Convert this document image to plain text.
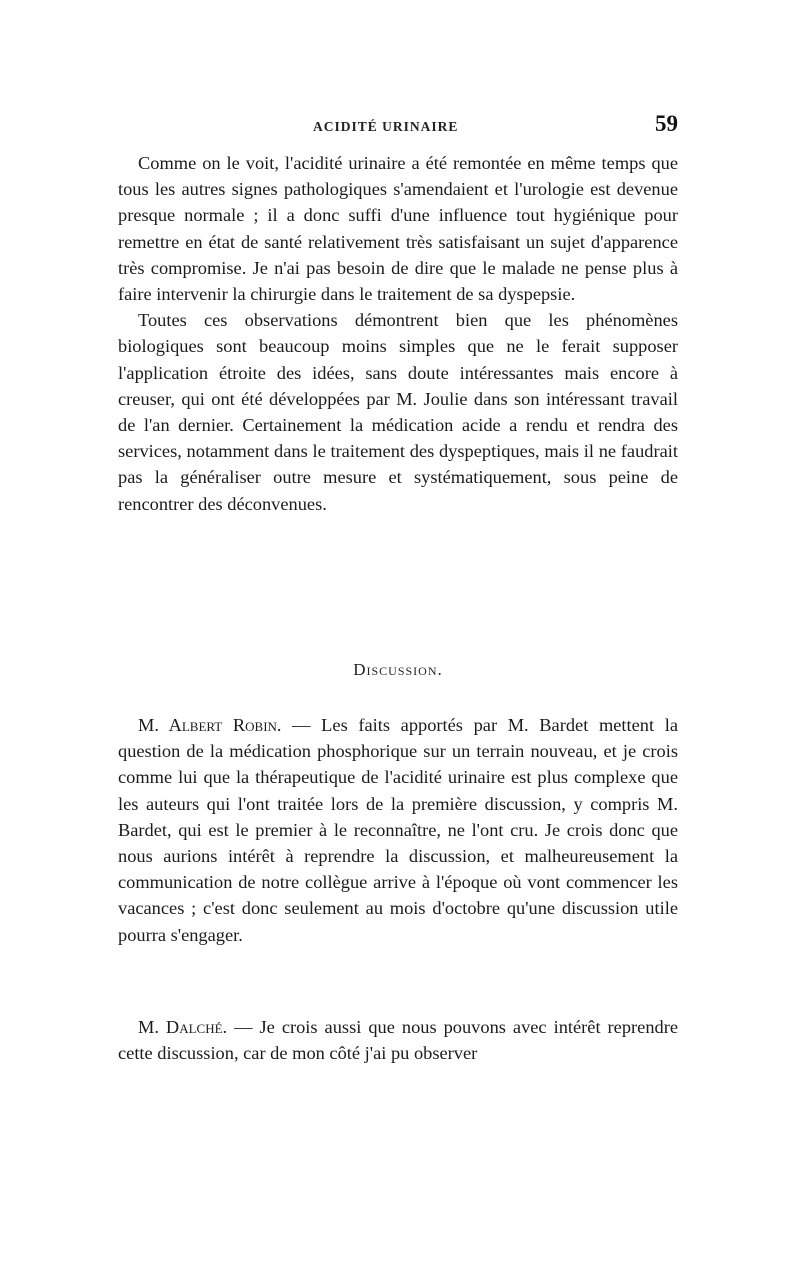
ACIDITÉ URINAIRE	59

Comme on le voit, l'acidité urinaire a été remontée en même temps que tous les autres signes pathologiques s'amendaient et l'urologie est devenue presque normale ; il a donc suffi d'une influence tout hygiénique pour remettre en état de santé relativement très satisfaisant un sujet d'apparence très compromise. Je n'ai pas besoin de dire que le malade ne pense plus à faire intervenir la chirurgie dans le traitement de sa dyspepsie.

Toutes ces observations démontrent bien que les phénomènes biologiques sont beaucoup moins simples que ne le ferait supposer l'application étroite des idées, sans doute intéressantes mais encore à creuser, qui ont été développées par M. Joulie dans son intéressant travail de l'an dernier. Certainement la médication acide a rendu et rendra des services, notamment dans le traitement des dyspeptiques, mais il ne faudrait pas la généraliser outre mesure et systématiquement, sous peine de rencontrer des déconvenues.

Discussion.

M. Albert Robin. — Les faits apportés par M. Bardet mettent la question de la médication phosphorique sur un terrain nouveau, et je crois comme lui que la thérapeutique de l'acidité urinaire est plus complexe que les auteurs qui l'ont traitée lors de la première discussion, y compris M. Bardet, qui est le premier à le reconnaître, ne l'ont cru. Je crois donc que nous aurions intérêt à reprendre la discussion, et malheureusement la communication de notre collègue arrive à l'époque où vont commencer les vacances ; c'est donc seulement au mois d'octobre qu'une discussion utile pourra s'engager.

M. Dalché. — Je crois aussi que nous pouvons avec intérêt reprendre cette discussion, car de mon côté j'ai pu observer
